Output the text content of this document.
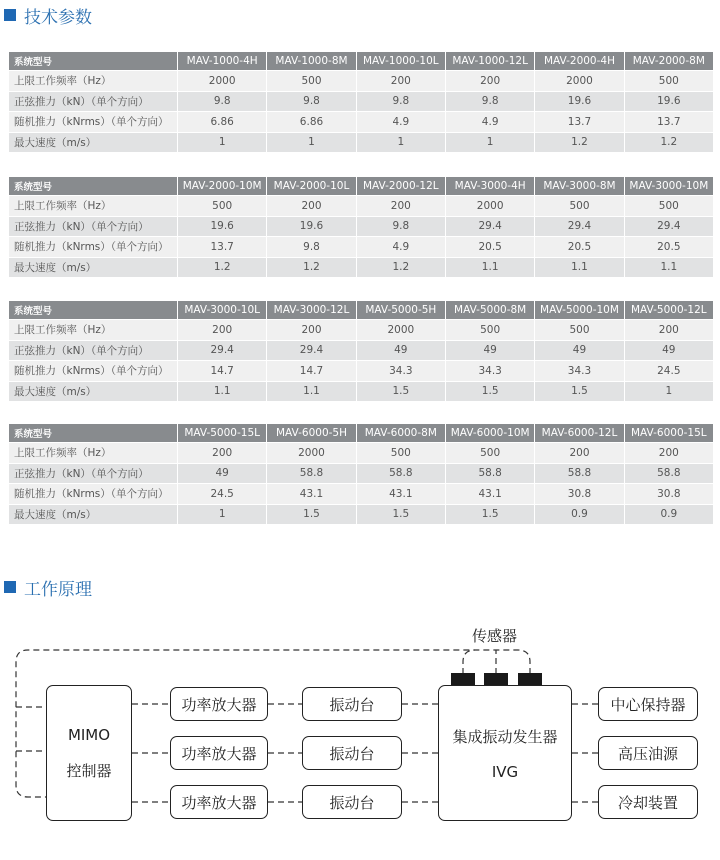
技术参数
系统型号	MAV-1000-4H	MAV-1000-8M	MAV-1000-10L	MAV-1000-12L	MAV-2000-4H	MAV-2000-8M
上限工作频率（Hz）	2000	500	200	200	2000	500
正弦推力（kN）（单个方向）	9.8	9.8	9.8	9.8	19.6	19.6
随机推力（kNrms）（单个方向）	6.86	6.86	4.9	4.9	13.7	13.7
最大速度（m/s）	1	1	1	1	1.2	1.2
系统型号	MAV-2000-10M	MAV-2000-10L	MAV-2000-12L	MAV-3000-4H	MAV-3000-8M	MAV-3000-10M
上限工作频率（Hz）	500	200	200	2000	500	500
正弦推力（kN）（单个方向）	19.6	19.6	9.8	29.4	29.4	29.4
随机推力（kNrms）（单个方向）	13.7	9.8	4.9	20.5	20.5	20.5
最大速度（m/s）	1.2	1.2	1.2	1.1	1.1	1.1
系统型号	MAV-3000-10L	MAV-3000-12L	MAV-5000-5H	MAV-5000-8M	MAV-5000-10M	MAV-5000-12L
上限工作频率（Hz）	200	200	2000	500	500	200
正弦推力（kN）（单个方向）	29.4	29.4	49	49	49	49
随机推力（kNrms）（单个方向）	14.7	14.7	34.3	34.3	34.3	24.5
最大速度（m/s）	1.1	1.1	1.5	1.5	1.5	1
系统型号	MAV-5000-15L	MAV-6000-5H	MAV-6000-8M	MAV-6000-10M	MAV-6000-12L	MAV-6000-15L
上限工作频率（Hz）	200	2000	500	500	200	200
正弦推力（kN）（单个方向）	49	58.8	58.8	58.8	58.8	58.8
随机推力（kNrms）（单个方向）	24.5	43.1	43.1	43.1	30.8	30.8
最大速度（m/s）	1	1.5	1.5	1.5	0.9	0.9
工作原理
传感器
MIMO
控制器
功率放大器
功率放大器
功率放大器
振动台
振动台
振动台
集成振动发生器
IVG
中心保持器
高压油源
冷却装置
